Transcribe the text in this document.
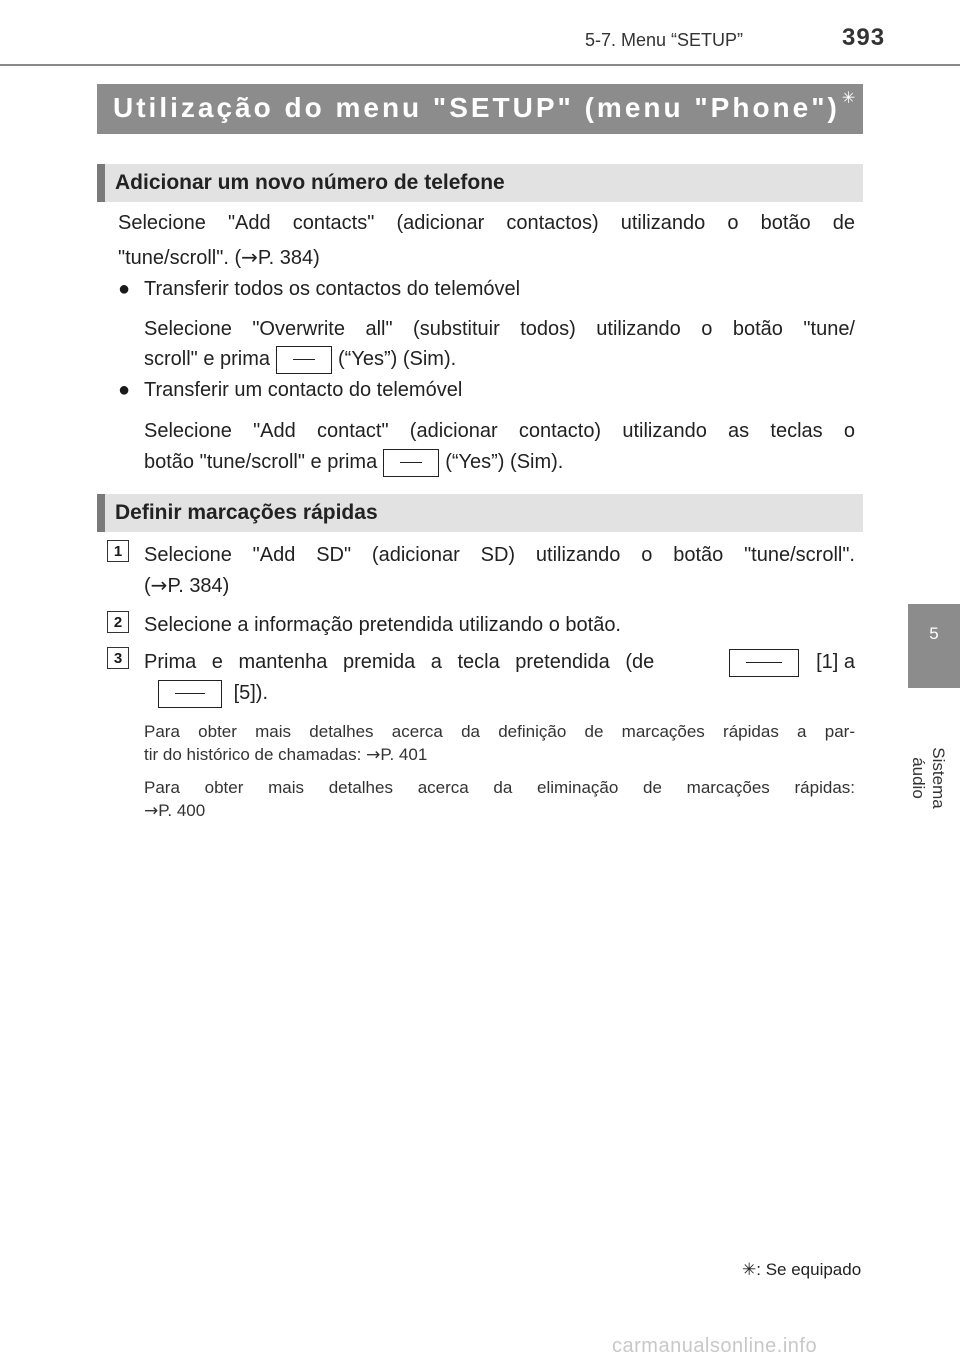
5-7. Menu “SETUP”	393
Utilização do menu "SETUP" (menu "Phone") ✳
Adicionar um novo número de telefone
Selecione "Add contacts" (adicionar contactos) utilizando o botão de
"tune/scroll". (→P. 384)
● Transferir todos os contactos do telemóvel
Selecione "Overwrite all" (substituir todos) utilizando o botão "tune/
scroll" e prima	(“Yes”) (Sim).
● Transferir um contacto do telemóvel
Selecione "Add contact" (adicionar contacto) utilizando as teclas o
botão "tune/scroll" e prima	(“Yes”) (Sim).
Definir marcações rápidas
1	Selecione "Add SD" (adicionar SD) utilizando o botão "tune/scroll".
(→P. 384)
2	Selecione a informação pretendida utilizando o botão.
3	Prima e mantenha premida a tecla pretendida (de	[1] a
[5]).
Para obter mais detalhes acerca da definição de marcações rápidas a par-
tir do histórico de chamadas: →P. 401
Para obter mais detalhes acerca da eliminação de marcações rápidas:
→P. 400
5
Sistema áudio
✳: Se equipado
carmanualsonline.info
